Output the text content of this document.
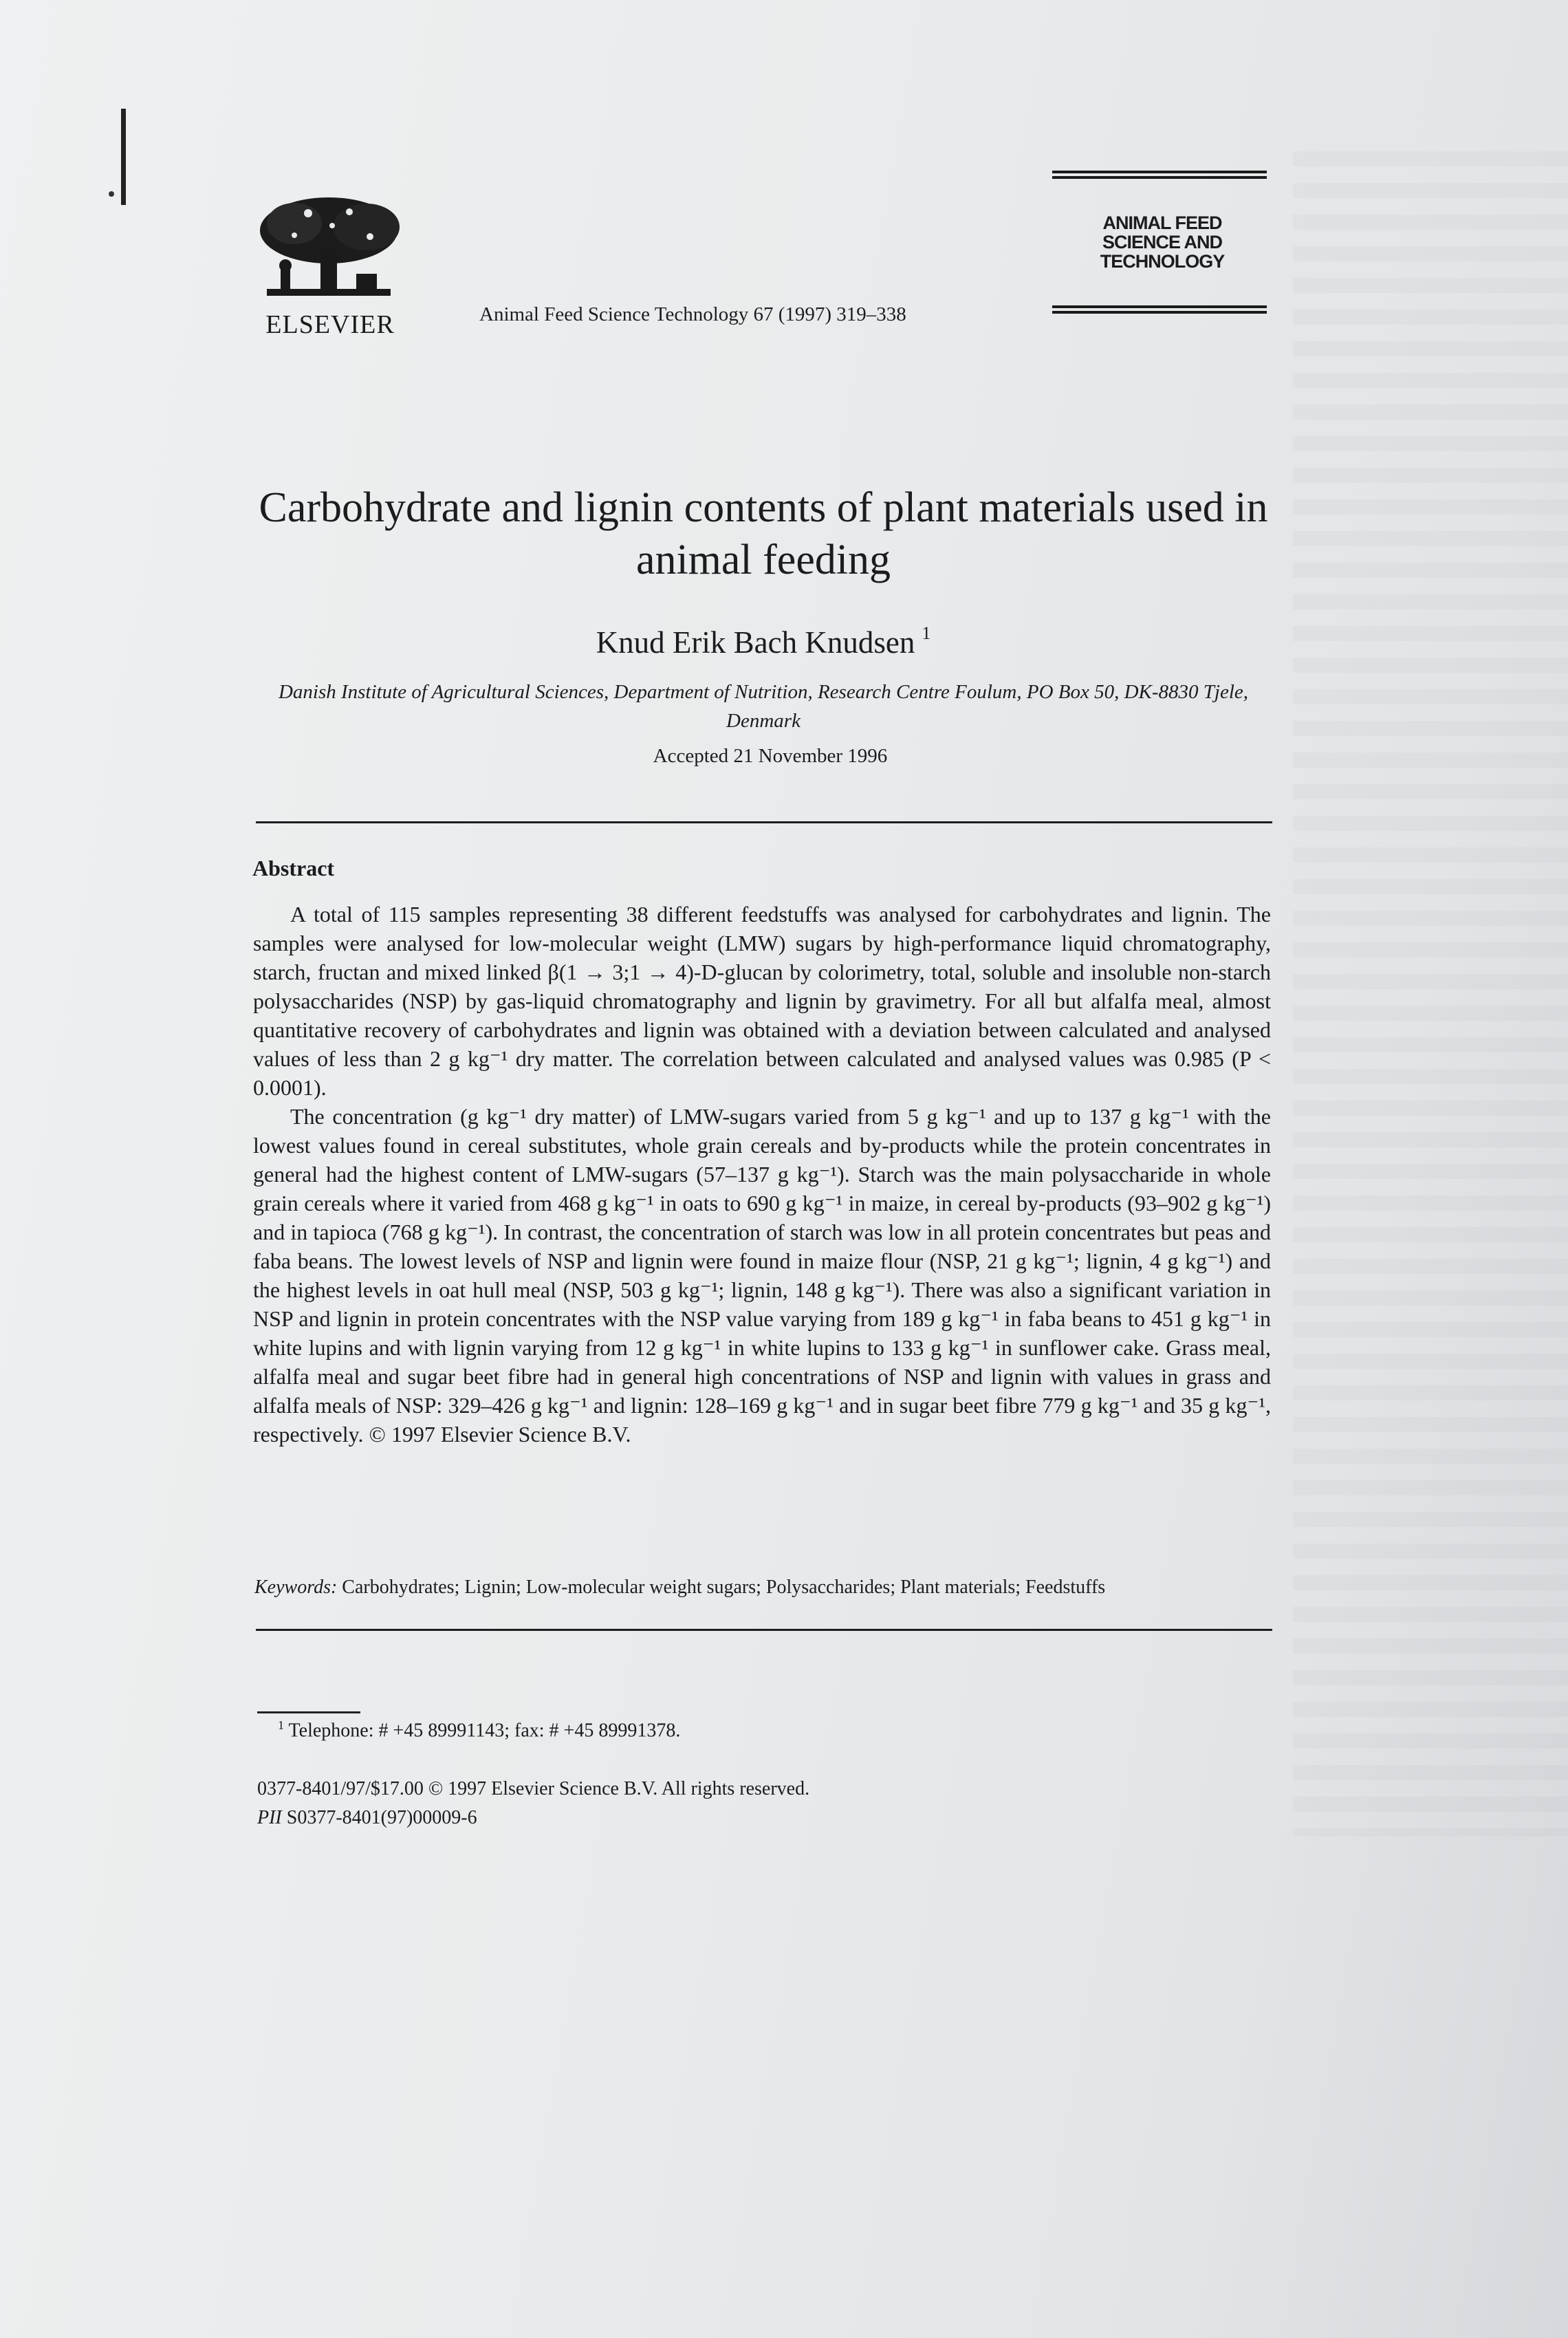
ELSEVIER	Animal Feed Science Technology 67 (1997) 319–338
ANIMAL FEED
SCIENCE AND
TECHNOLOGY
Carbohydrate and lignin contents of plant materials used in animal feeding
Knud Erik Bach Knudsen $^1$
Danish Institute of Agricultural Sciences, Department of Nutrition, Research Centre Foulum, PO Box 50, DK-8830 Tjele, Denmark
Accepted 21 November 1996
Abstract

A total of 115 samples representing 38 different feedstuffs was analysed for carbohydrates and lignin. The samples were analysed for low-molecular weight (LMW) sugars by high-performance liquid chromatography, starch, fructan and mixed linked β(1 → 3;1 → 4)-D-glucan by colorimetry, total, soluble and insoluble non-starch polysaccharides (NSP) by gas-liquid chromatography and lignin by gravimetry. For all but alfalfa meal, almost quantitative recovery of carbohydrates and lignin was obtained with a deviation between calculated and analysed values of less than 2 g kg⁻¹ dry matter. The correlation between calculated and analysed values was 0.985 (P < 0.0001).

The concentration (g kg⁻¹ dry matter) of LMW-sugars varied from 5 g kg⁻¹ and up to 137 g kg⁻¹ with the lowest values found in cereal substitutes, whole grain cereals and by-products while the protein concentrates in general had the highest content of LMW-sugars (57–137 g kg⁻¹). Starch was the main polysaccharide in whole grain cereals where it varied from 468 g kg⁻¹ in oats to 690 g kg⁻¹ in maize, in cereal by-products (93–902 g kg⁻¹) and in tapioca (768 g kg⁻¹). In contrast, the concentration of starch was low in all protein concentrates but peas and faba beans. The lowest levels of NSP and lignin were found in maize flour (NSP, 21 g kg⁻¹; lignin, 4 g kg⁻¹) and the highest levels in oat hull meal (NSP, 503 g kg⁻¹; lignin, 148 g kg⁻¹). There was also a significant variation in NSP and lignin in protein concentrates with the NSP value varying from 189 g kg⁻¹ in faba beans to 451 g kg⁻¹ in white lupins and with lignin varying from 12 g kg⁻¹ in white lupins to 133 g kg⁻¹ in sunflower cake. Grass meal, alfalfa meal and sugar beet fibre had in general high concentrations of NSP and lignin with values in grass and alfalfa meals of NSP: 329–426 g kg⁻¹ and lignin: 128–169 g kg⁻¹ and in sugar beet fibre 779 g kg⁻¹ and 35 g kg⁻¹, respectively. © 1997 Elsevier Science B.V.

Keywords: Carbohydrates; Lignin; Low-molecular weight sugars; Polysaccharides; Plant materials; Feedstuffs
$^1$ Telephone: # +45 89991143; fax: # +45 89991378.
0377-8401/97/$17.00 © 1997 Elsevier Science B.V. All rights reserved.
PII S0377-8401(97)00009-6
